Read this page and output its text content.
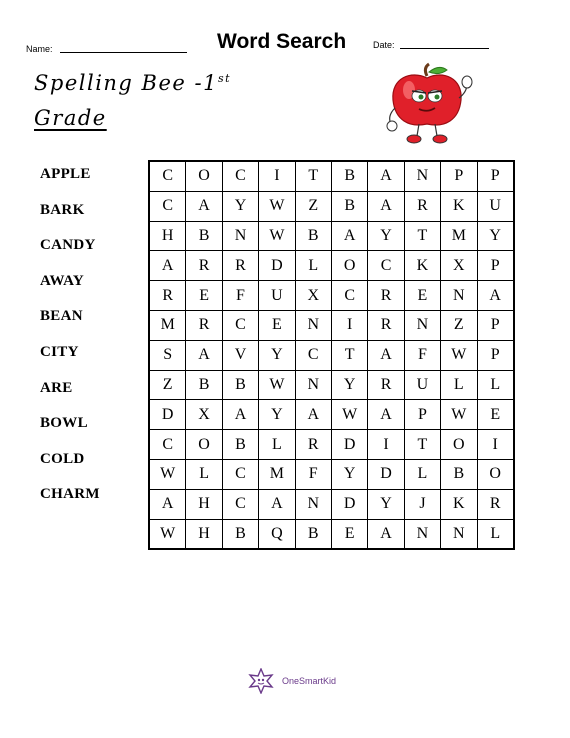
Name:	Word Search	Date:
Spelling Bee -1st
Grade
APPLE
BARK
CANDY
AWAY
BEAN
CITY
ARE
BOWL
COLD
CHARM
C	O	C	I	T	B	A	N	P	P
C	A	Y	W	Z	B	A	R	K	U
H	B	N	W	B	A	Y	T	M	Y
A	R	R	D	L	O	C	K	X	P
R	E	F	U	X	C	R	E	N	A
M	R	C	E	N	I	R	N	Z	P
S	A	V	Y	C	T	A	F	W	P
Z	B	B	W	N	Y	R	U	L	L
D	X	A	Y	A	W	A	P	W	E
C	O	B	L	R	D	I	T	O	I
W	L	C	M	F	Y	D	L	B	O
A	H	C	A	N	D	Y	J	K	R
W	H	B	Q	B	E	A	N	N	L
OneSmartKid
